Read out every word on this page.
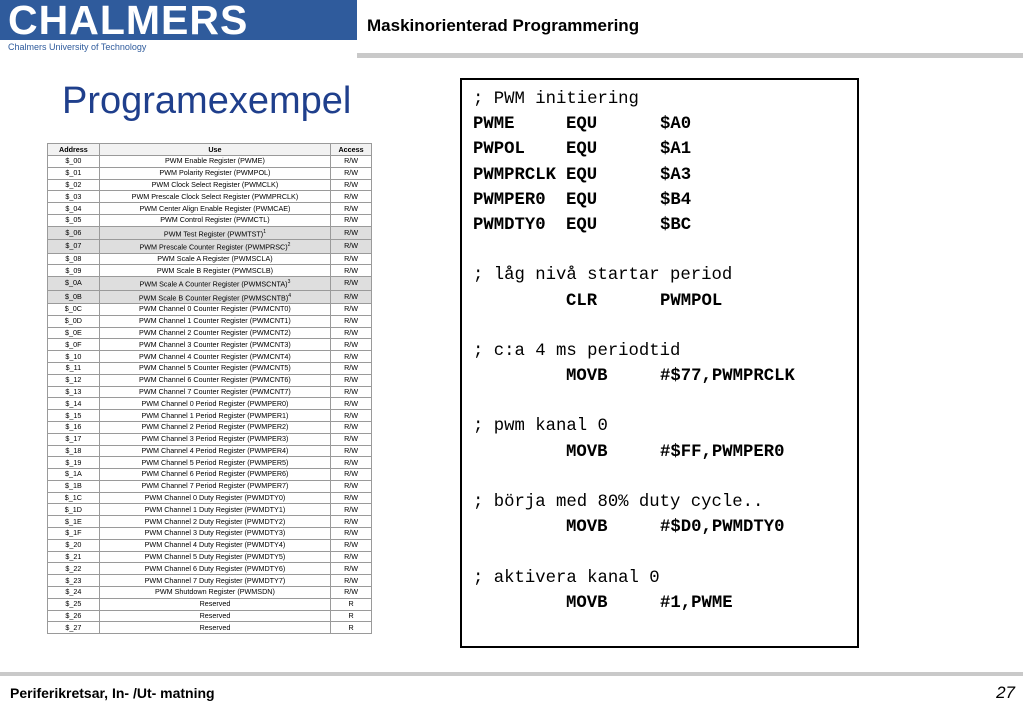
CHALMERS
Chalmers University of Technology
Maskinorienterad Programmering
Programexempel
Address	Use	Access
$_00	PWM Enable Register (PWME)	R/W
$_01	PWM Polarity Register (PWMPOL)	R/W
$_02	PWM Clock Select Register (PWMCLK)	R/W
$_03	PWM Prescale Clock Select Register (PWMPRCLK)	R/W
$_04	PWM Center Align Enable Register (PWMCAE)	R/W
$_05	PWM Control Register (PWMCTL)	R/W
$_06	PWM Test Register (PWMTST)$^1$	R/W
$_07	PWM Prescale Counter Register (PWMPRSC)$^2$	R/W
$_08	PWM Scale A Register (PWMSCLA)	R/W
$_09	PWM Scale B Register (PWMSCLB)	R/W
$_0A	PWM Scale A Counter Register (PWMSCNTA)$^3$	R/W
$_0B	PWM Scale B Counter Register (PWMSCNTB)$^4$	R/W
$_0C	PWM Channel 0 Counter Register (PWMCNT0)	R/W
$_0D	PWM Channel 1 Counter Register (PWMCNT1)	R/W
$_0E	PWM Channel 2 Counter Register (PWMCNT2)	R/W
$_0F	PWM Channel 3 Counter Register (PWMCNT3)	R/W
$_10	PWM Channel 4 Counter Register (PWMCNT4)	R/W
$_11	PWM Channel 5 Counter Register (PWMCNT5)	R/W
$_12	PWM Channel 6 Counter Register (PWMCNT6)	R/W
$_13	PWM Channel 7 Counter Register (PWMCNT7)	R/W
$_14	PWM Channel 0 Period Register (PWMPER0)	R/W
$_15	PWM Channel 1 Period Register (PWMPER1)	R/W
$_16	PWM Channel 2 Period Register (PWMPER2)	R/W
$_17	PWM Channel 3 Period Register (PWMPER3)	R/W
$_18	PWM Channel 4 Period Register (PWMPER4)	R/W
$_19	PWM Channel 5 Period Register (PWMPER5)	R/W
$_1A	PWM Channel 6 Period Register (PWMPER6)	R/W
$_1B	PWM Channel 7 Period Register (PWMPER7)	R/W
$_1C	PWM Channel 0 Duty Register (PWMDTY0)	R/W
$_1D	PWM Channel 1 Duty Register (PWMDTY1)	R/W
$_1E	PWM Channel 2 Duty Register (PWMDTY2)	R/W
$_1F	PWM Channel 3 Duty Register (PWMDTY3)	R/W
$_20	PWM Channel 4 Duty Register (PWMDTY4)	R/W
$_21	PWM Channel 5 Duty Register (PWMDTY5)	R/W
$_22	PWM Channel 6 Duty Register (PWMDTY6)	R/W
$_23	PWM Channel 7 Duty Register (PWMDTY7)	R/W
$_24	PWM Shutdown Register (PWMSDN)	R/W
$_25	Reserved	R
$_26	Reserved	R
$_27	Reserved	R
; PWM initiering
PWME	EQU	$A0
PWPOL EQU	$A1
PWMPRCLK EQU	$A3
PWMPER0 EQU	$B4
PWMDTY0 EQU	$BC
; låg nivå startar period
CLR	PWMPOL
; c:a 4 ms periodtid
MOVB	#$77,PWMPRCLK
; pwm kanal 0
MOVB	#$FF,PWMPER0
; börja med 80% duty cycle..
MOVB	#$D0,PWMDTY0
; aktivera kanal 0
MOVB	#1,PWME
Periferikretsar, In- /Ut- matning	27
